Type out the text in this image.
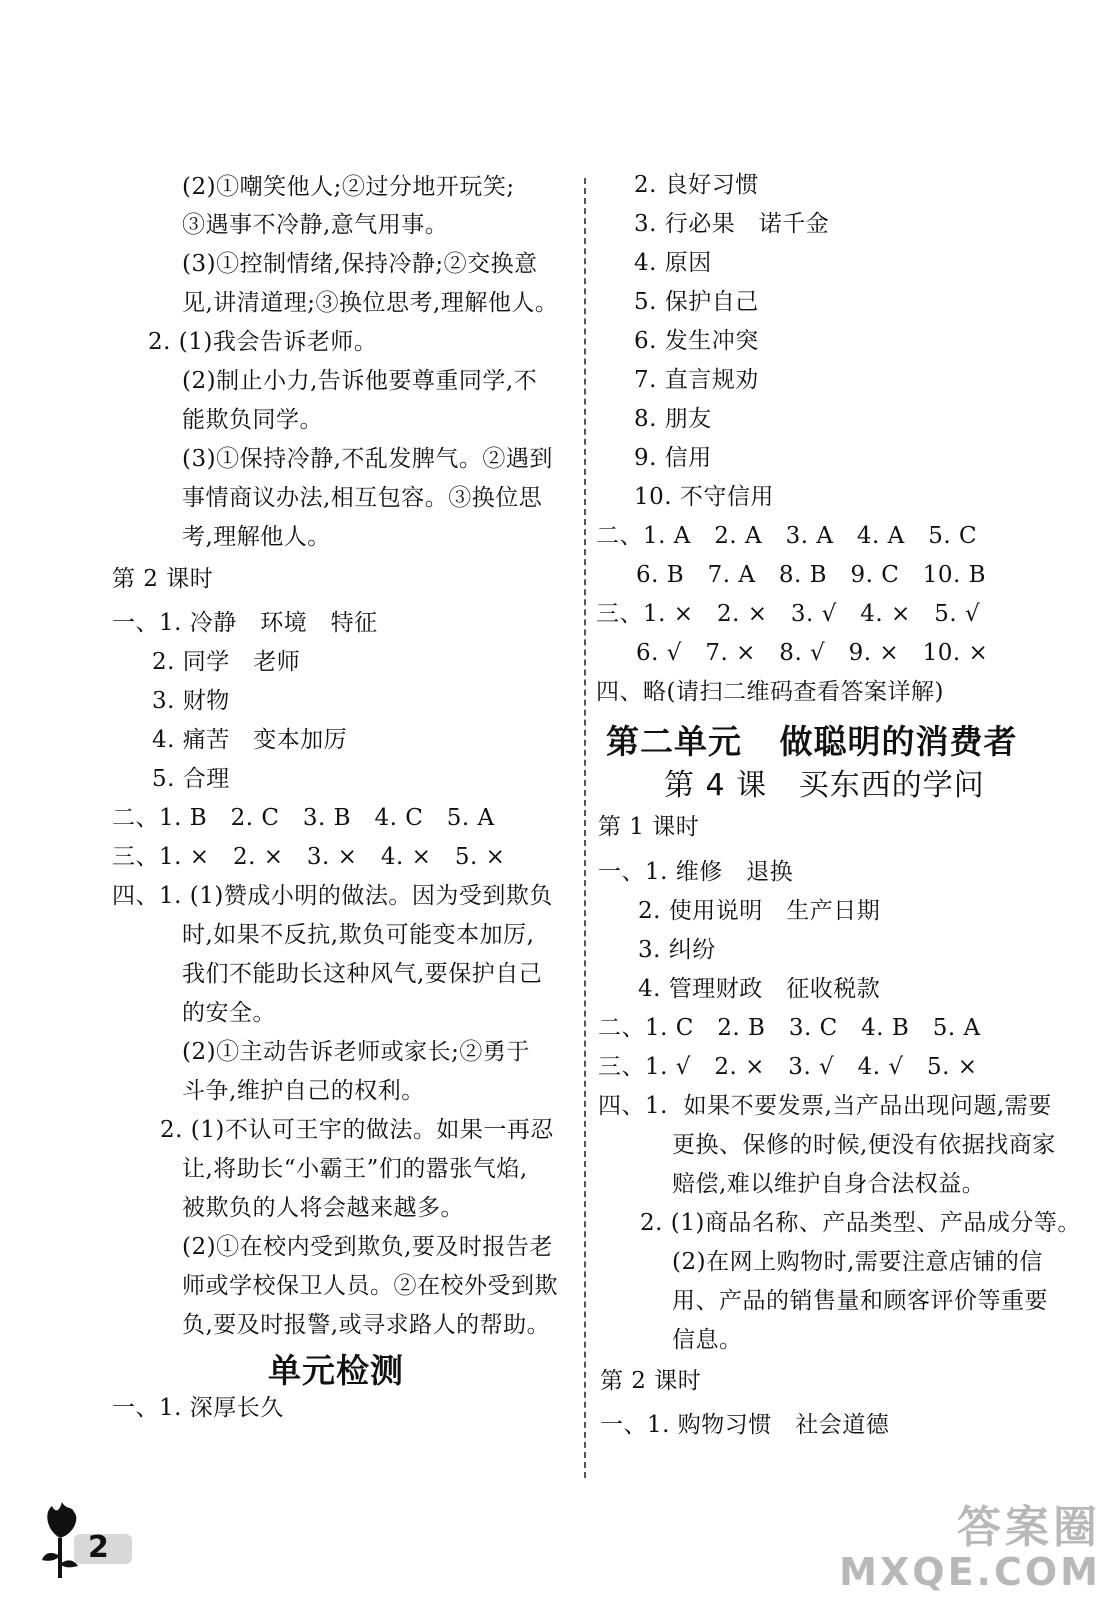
(2)①嘲笑他人;②过分地开玩笑;
③遇事不冷静,意气用事。
(3)①控制情绪,保持冷静;②交换意
见,讲清道理;③换位思考,理解他人。
2. (1)我会告诉老师。
(2)制止小力,告诉他要尊重同学,不
能欺负同学。
(3)①保持冷静,不乱发脾气。②遇到
事情商议办法,相互包容。③换位思
考,理解他人。
第 2 课时
一、1. 冷静   环境   特征
2. 同学   老师
3. 财物
4. 痛苦   变本加厉
5. 合理
二、1. B   2. C   3. B   4. C   5. A
三、1. ×   2. ×   3. ×   4. ×   5. ×
四、1. (1)赞成小明的做法。因为受到欺负
时,如果不反抗,欺负可能变本加厉,
我们不能助长这种风气,要保护自己
的安全。
(2)①主动告诉老师或家长;②勇于
斗争,维护自己的权利。
2. (1)不认可王宇的做法。如果一再忍
让,将助长“小霸王”们的嚣张气焰,
被欺负的人将会越来越多。
(2)①在校内受到欺负,要及时报告老
师或学校保卫人员。②在校外受到欺
负,要及时报警,或寻求路人的帮助。
单元检测
一、1. 深厚长久
2. 良好习惯
3. 行必果   诺千金
4. 原因
5. 保护自己
6. 发生冲突
7. 直言规劝
8. 朋友
9. 信用
10. 不守信用
二、1. A   2. A   3. A   4. A   5. C
6. B   7. A   8. B   9. C   10. B
三、1. ×   2. ×   3. √   4. ×   5. √
6. √   7. ×   8. √   9. ×   10. ×
四、略(请扫二维码查看答案详解)
第二单元   做聪明的消费者
第 4 课   买东西的学问
第 1 课时
一、1. 维修   退换
2. 使用说明   生产日期
3. 纠纷
4. 管理财政   征收税款
二、1. C   2. B   3. C   4. B   5. A
三、1. √   2. ×   3. √   4. √   5. ×
四、1.  如果不要发票,当产品出现问题,需要
更换、保修的时候,便没有依据找商家
赔偿,难以维护自身合法权益。
2. (1)商品名称、产品类型、产品成分等。
(2)在网上购物时,需要注意店铺的信
用、产品的销售量和顾客评价等重要
信息。
第 2 课时
一、1. 购物习惯   社会道德
2	答案圈
MXQE.COM
